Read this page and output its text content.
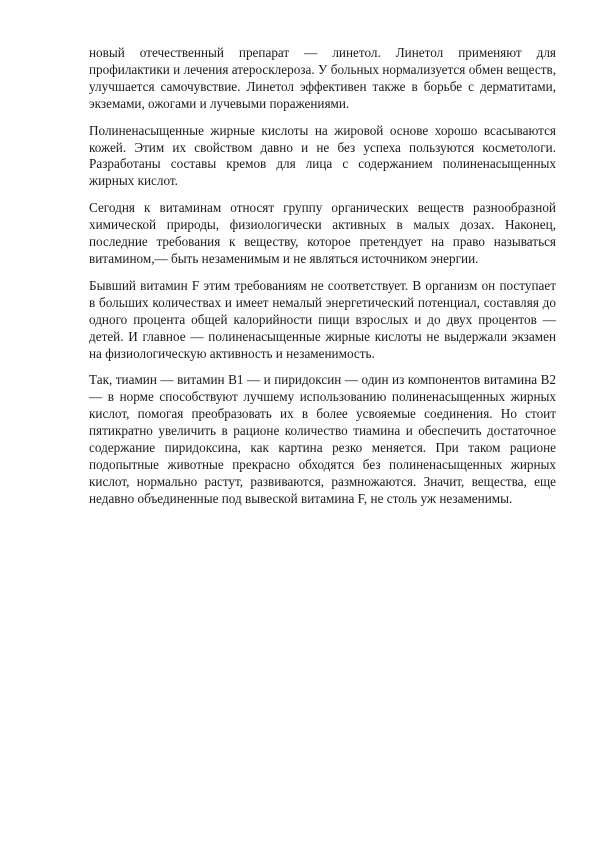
новый отечественный препарат — линетол. Линетол применяют для профилактики и лечения атеросклероза. У больных нормализуется обмен веществ, улучшается самочувствие. Линетол эффективен также в борьбе с дерматитами, экземами, ожогами и лучевыми поражениями.

Полиненасыщенные жирные кислоты на жировой основе хорошо всасываются кожей. Этим их свойством давно и не без успеха пользуются косметологи. Разработаны составы кремов для лица с содержанием полиненасыщенных жирных кислот.

Сегодня к витаминам относят группу органических веществ разнообразной химической природы, физиологически активных в малых дозах. Наконец, последние требования к веществу, которое претендует на право называться витамином,— быть незаменимым и не являться источником энергии.

Бывший витамин F этим требованиям не соответствует. В организм он поступает в больших количествах и имеет немалый энергетический потенциал, составляя до одного процента общей калорийности пищи взрослых и до двух процентов — детей. И главное — полиненасыщенные жирные кислоты не выдержали экзамен на физиологическую активность и незаменимость.

Так, тиамин — витамин В1 — и пиридоксин — один из компонентов витамина В2 — в норме способствуют лучшему использованию полиненасыщенных жирных кислот, помогая преобразовать их в более усвояемые соединения. Но стоит пятикратно увеличить в рационе количество тиамина и обеспечить достаточное содержание пиридоксина, как картина резко меняется. При таком рационе подопытные животные прекрасно обходятся без полиненасыщенных жирных кислот, нормально растут, развиваются, размножаются. Значит, вещества, еще недавно объединенные под вывеской витамина F, не столь уж незаменимы.
